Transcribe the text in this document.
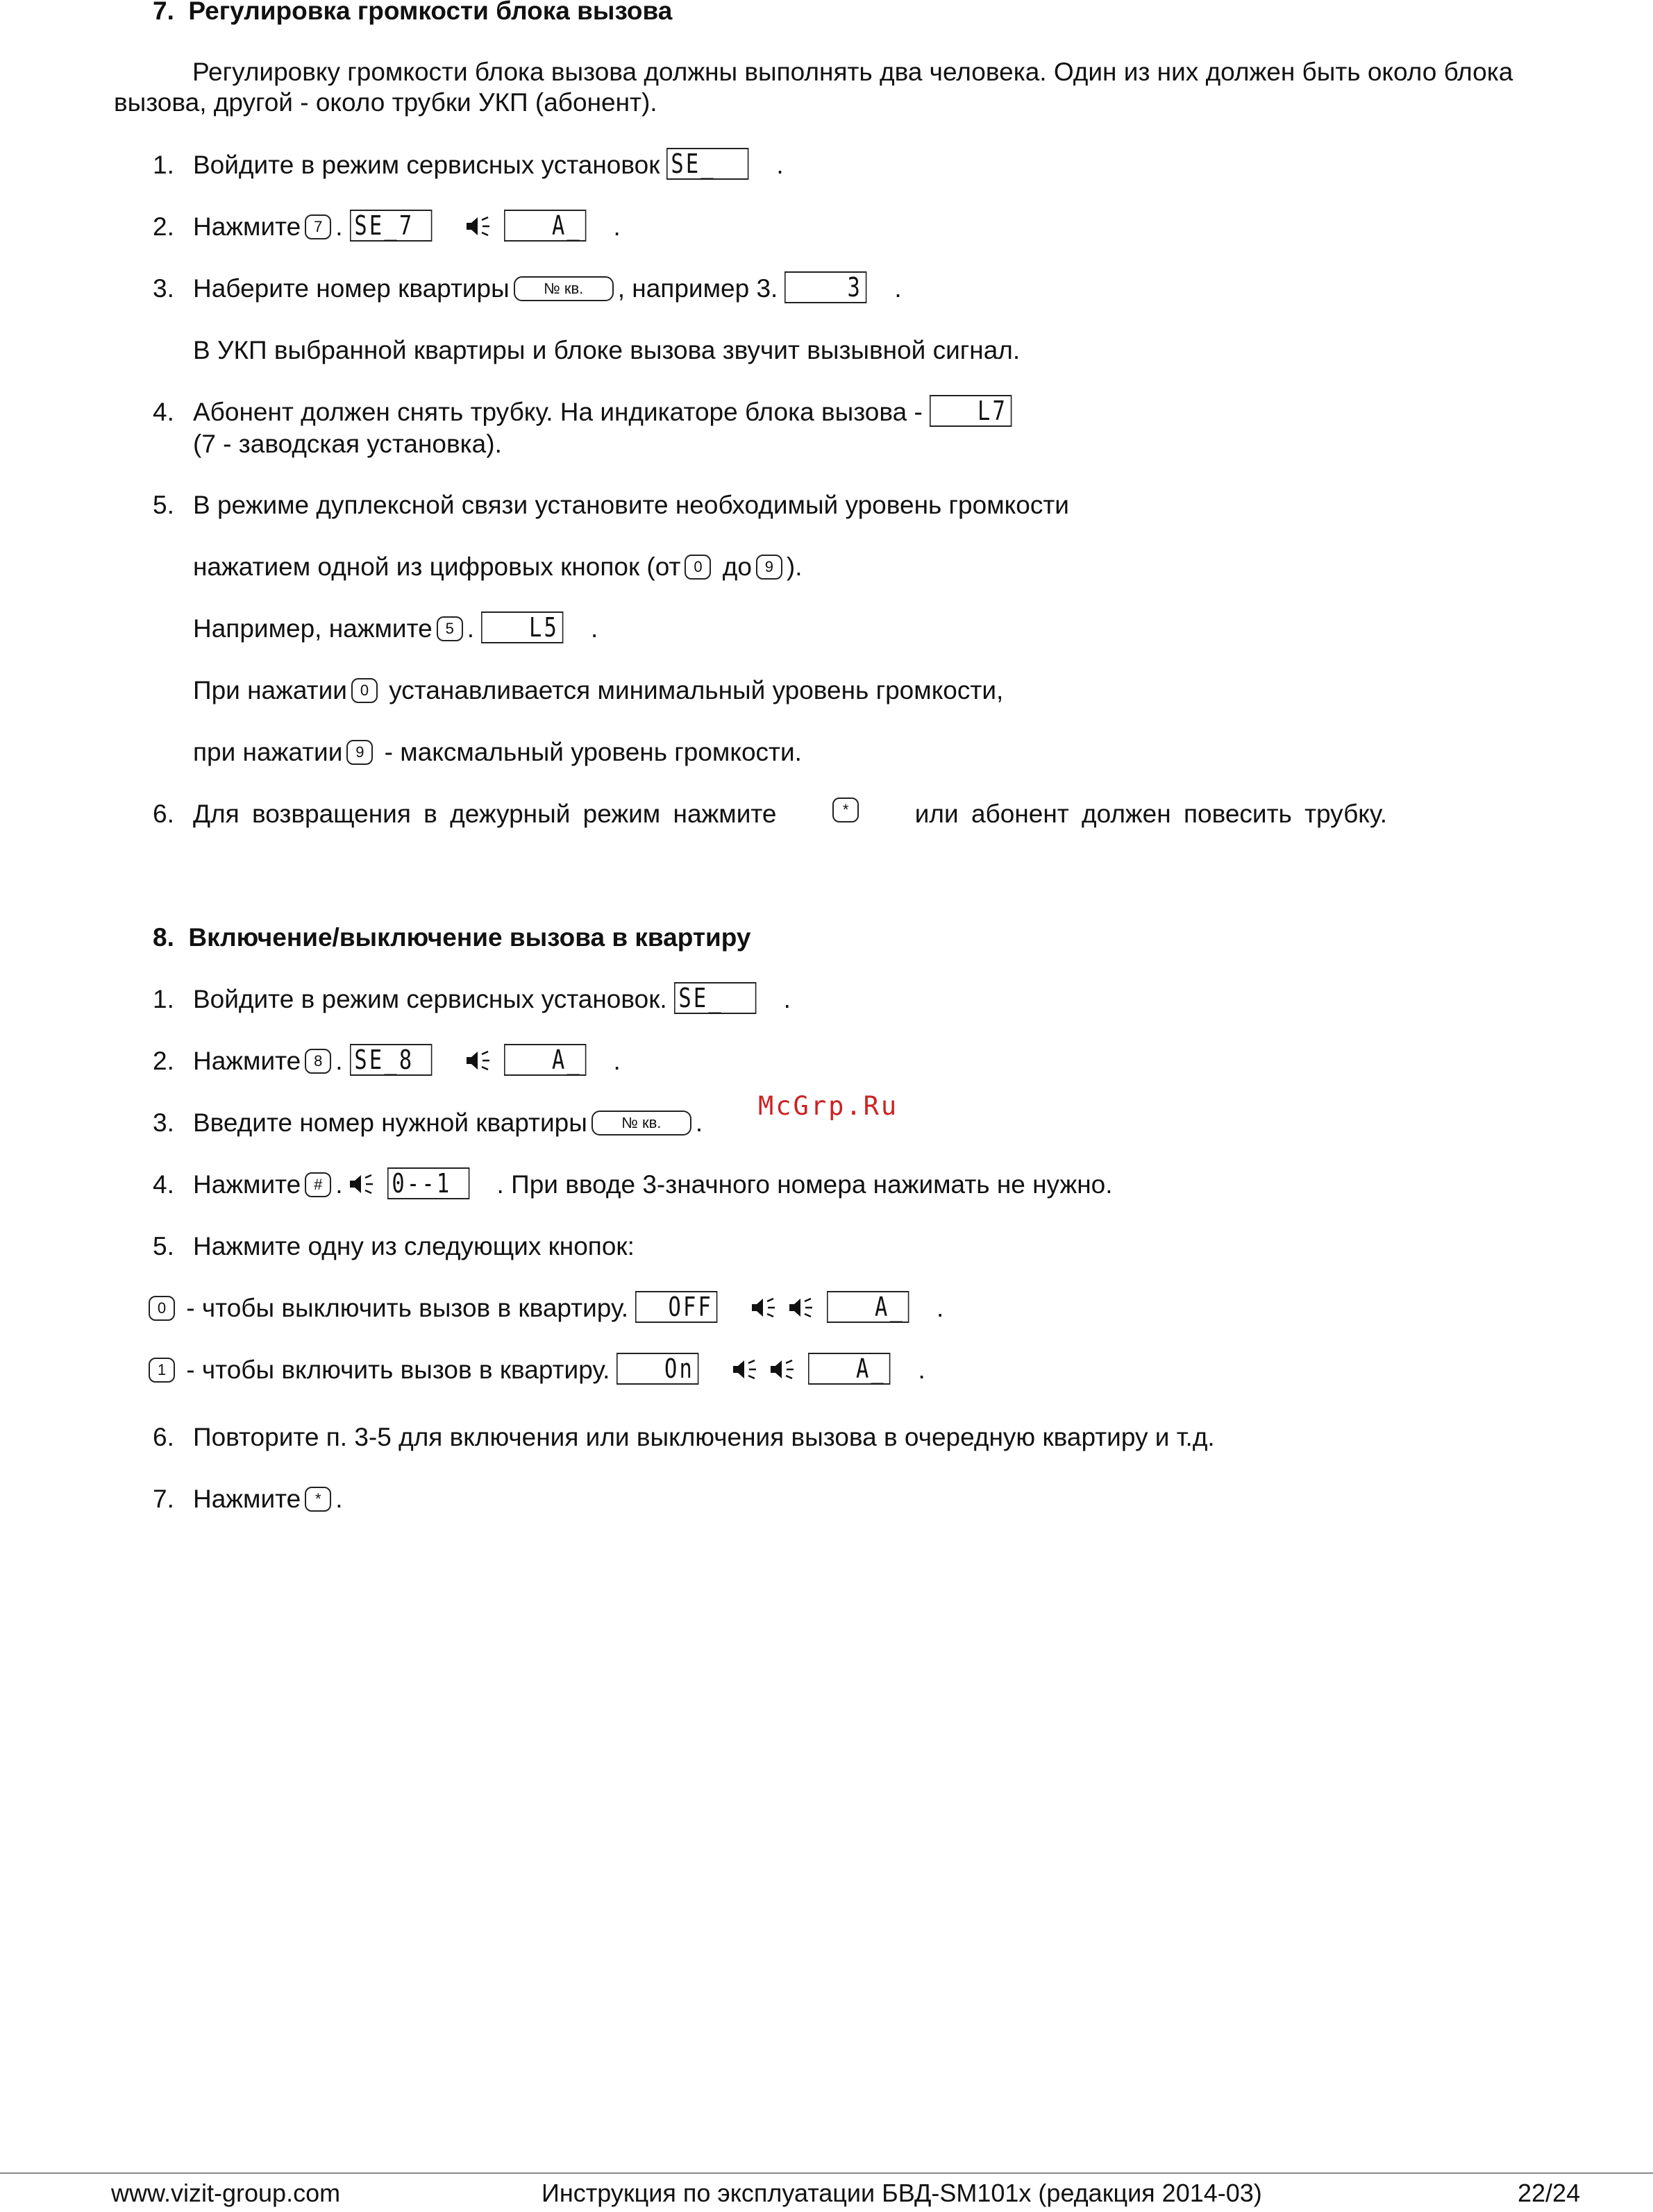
7. Регулировка громкости блока вызова
Регулировку громкости блока вызова должны выполнять два человека. Один из них должен быть около блока
вызова, другой - около трубки УКП (абонент).
1. Войдите в режим сервисных установок SE_ .
2. Нажмите 7 . SE_7	A_ .
3. Наберите номер квартиры № кв. , например 3.	3 .
В УКП выбранной квартиры и блоке вызова звучит вызывной сигнал.
4. Абонент должен снять трубку. На индикаторе блока вызова - L7
(7 - заводская установка).
5. В режиме дуплексной связи установите необходимый уровень громкости
нажатием одной из цифровых кнопок (от 0 до 9 ).
Например, нажмите 5 . L5 .
При нажатии 0 устанавливается минимальный уровень громкости,
при нажатии 9 - максмальный уровень громкости.
6. Для возвращения в дежурный режим нажмите	*	или абонент должен повесить трубку.
8. Включение/выключение вызова в квартиру
1. Войдите в режим сервисных установок. SE_ .
2. Нажмите 8 . SE_8	A_ .
3. Введите номер нужной квартиры № кв. .
McGrp.Ru
4. Нажмите # . 0--1 . При вводе 3-значного номера нажимать не нужно.
5. Нажмите одну из следующих кнопок:
0 - чтобы выключить вызов в квартиру. OFF	A_ .
1 - чтобы включить вызов в квартиру. On	A_ .
6. Повторите п. 3-5 для включения или выключения вызова в очередную квартиру и т.д.
7. Нажмите * .
www.vizit-group.com	Инструкция по эксплуатации БВД-SM101x (редакция 2014-03)	22/24
